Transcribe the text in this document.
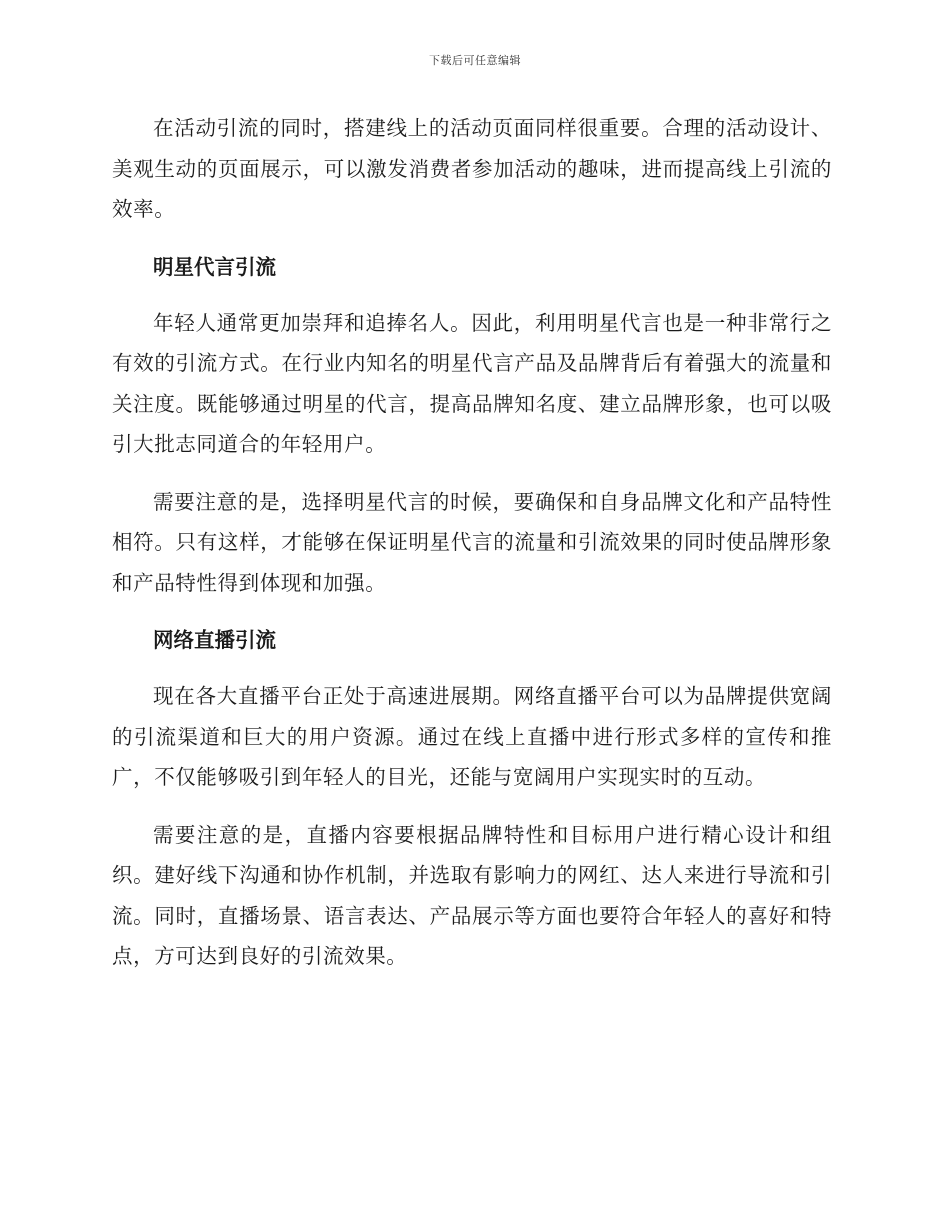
下载后可任意编辑

在活动引流的同时，搭建线上的活动页面同样很重要。合理的活动设计、美观生动的页面展示，可以激发消费者参加活动的趣味，进而提高线上引流的效率。

明星代言引流

年轻人通常更加崇拜和追捧名人。因此，利用明星代言也是一种非常行之有效的引流方式。在行业内知名的明星代言产品及品牌背后有着强大的流量和关注度。既能够通过明星的代言，提高品牌知名度、建立品牌形象，也可以吸引大批志同道合的年轻用户。

需要注意的是，选择明星代言的时候，要确保和自身品牌文化和产品特性相符。只有这样，才能够在保证明星代言的流量和引流效果的同时使品牌形象和产品特性得到体现和加强。

网络直播引流

现在各大直播平台正处于高速进展期。网络直播平台可以为品牌提供宽阔的引流渠道和巨大的用户资源。通过在线上直播中进行形式多样的宣传和推广，不仅能够吸引到年轻人的目光，还能与宽阔用户实现实时的互动。

需要注意的是，直播内容要根据品牌特性和目标用户进行精心设计和组织。建好线下沟通和协作机制，并选取有影响力的网红、达人来进行导流和引流。同时，直播场景、语言表达、产品展示等方面也要符合年轻人的喜好和特点，方可达到良好的引流效果。
